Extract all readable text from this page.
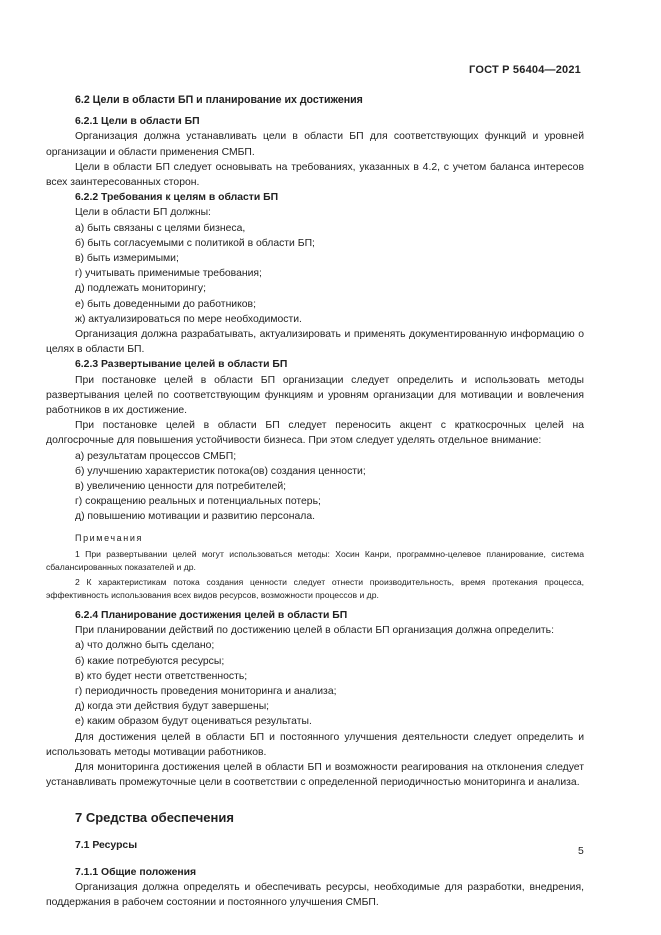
ГОСТ Р 56404—2021

6.2 Цели в области БП и планирование их достижения

6.2.1 Цели в области БП

Организация должна устанавливать цели в области БП для соответствующих функций и уровней организации и области применения СМБП.

Цели в области БП следует основывать на требованиях, указанных в 4.2, с учетом баланса интересов всех заинтересованных сторон.

6.2.2 Требования к целям в области БП

Цели в области БП должны:

а) быть связаны с целями бизнеса,

б) быть согласуемыми с политикой в области БП;

в) быть измеримыми;

г) учитывать применимые требования;

д) подлежать мониторингу;

е) быть доведенными до работников;

ж) актуализироваться по мере необходимости.

Организация должна разрабатывать, актуализировать и применять документированную информацию о целях в области БП.

6.2.3 Развертывание целей в области БП

При постановке целей в области БП организации следует определить и использовать методы развертывания целей по соответствующим функциям и уровням организации для мотивации и вовлечения работников в их достижение.

При постановке целей в области БП следует переносить акцент с краткосрочных целей на долгосрочные для повышения устойчивости бизнеса. При этом следует уделять отдельное внимание:

а) результатам процессов СМБП;

б) улучшению характеристик потока(ов) создания ценности;

в) увеличению ценности для потребителей;

г) сокращению реальных и потенциальных потерь;

д) повышению мотивации и развитию персонала.

Примечания

1 При развертывании целей могут использоваться методы: Хосин Канри, программно-целевое планирование, система сбалансированных показателей и др.

2 К характеристикам потока создания ценности следует отнести производительность, время протекания процесса, эффективность использования всех видов ресурсов, возможности процессов и др.

6.2.4 Планирование достижения целей в области БП

При планировании действий по достижению целей в области БП организация должна определить:

а) что должно быть сделано;

б) какие потребуются ресурсы;

в) кто будет нести ответственность;

г) периодичность проведения мониторинга и анализа;

д) когда эти действия будут завершены;

е) каким образом будут оцениваться результаты.

Для достижения целей в области БП и постоянного улучшения деятельности следует определить и использовать методы мотивации работников.

Для мониторинга достижения целей в области БП и возможности реагирования на отклонения следует устанавливать промежуточные цели в соответствии с определенной периодичностью мониторинга и анализа.

7 Средства обеспечения

7.1 Ресурсы

7.1.1 Общие положения

Организация должна определять и обеспечивать ресурсы, необходимые для разработки, внедрения, поддержания в рабочем состоянии и постоянного улучшения СМБП.

5
